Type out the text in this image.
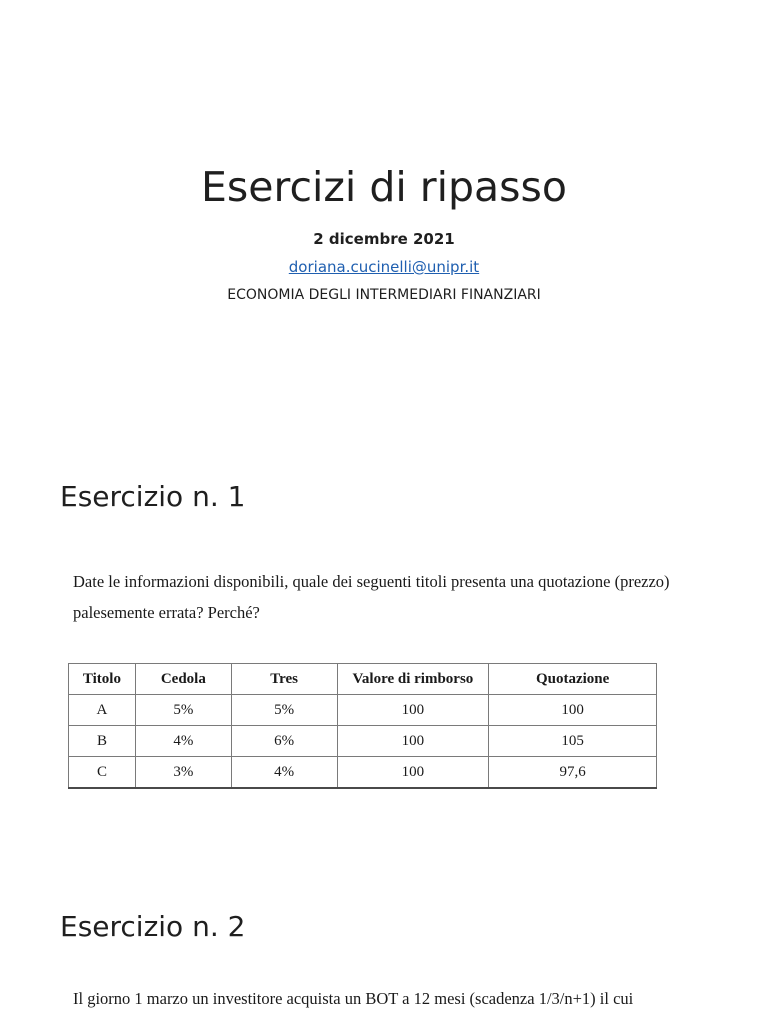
Esercizi di ripasso
2 dicembre 2021
doriana.cucinelli@unipr.it
ECONOMIA DEGLI INTERMEDIARI FINANZIARI
Esercizio n. 1
Date le informazioni disponibili, quale dei seguenti titoli presenta una quotazione (prezzo)
palesemente errata? Perché?
Titolo	Cedola	Tres	Valore di rimborso	Quotazione
A	5%	5%	100	100
B	4%	6%	100	105
C	3%	4%	100	97,6
Esercizio n. 2
Il giorno 1 marzo un investitore acquista un BOT a 12 mesi (scadenza 1/3/n+1) il cui
